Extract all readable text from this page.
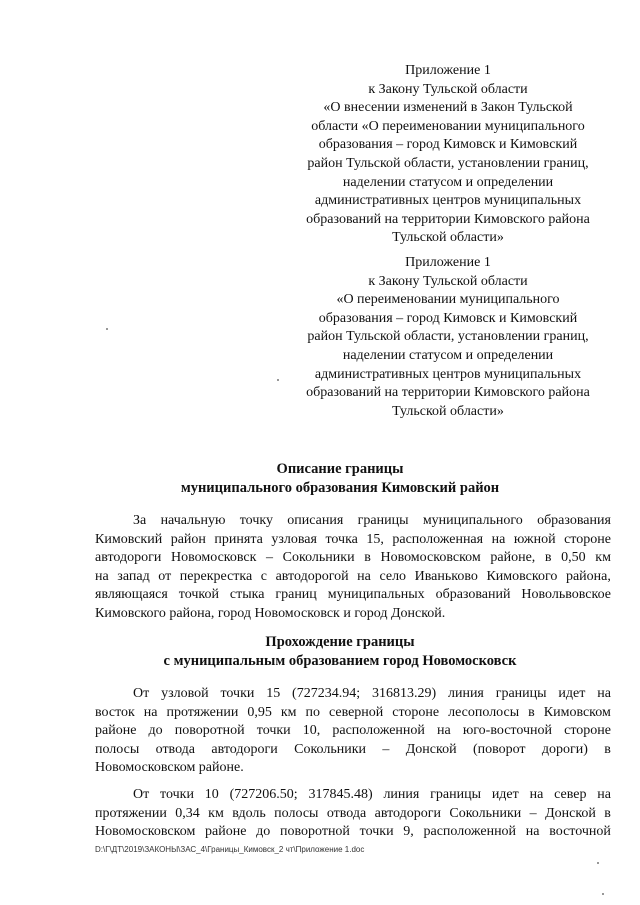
Приложение 1
к Закону Тульской области
«О внесении изменений в Закон Тульской
области «О переименовании муниципального
образования – город Кимовск и Кимовский
район Тульской области, установлении границ,
наделении статусом и определении
административных центров муниципальных
образований на территории Кимовского района
Тульской области»
Приложение 1
к Закону Тульской области
«О переименовании муниципального
образования – город Кимовск и Кимовский
район Тульской области, установлении границ,
наделении статусом и определении
административных центров муниципальных
образований на территории Кимовского района
Тульской области»
Описание границы
муниципального образования Кимовский район
За начальную точку описания границы муниципального образования
Кимовский район принята узловая точка 15, расположенная на южной стороне
автодороги Новомосковск – Сокольники в Новомосковском районе, в 0,50 км
на запад от перекрестка с автодорогой на село Иваньково Кимовского района,
являющаяся точкой стыка границ муниципальных образований Новольвовское
Кимовского района, город Новомосковск и город Донской.
Прохождение границы
с муниципальным образованием город Новомосковск
От узловой точки 15 (727234.94; 316813.29) линия границы идет на
восток на протяжении 0,95 км по северной стороне лесополосы в Кимовском
районе до поворотной точки 10, расположенной на юго-восточной стороне
полосы отвода автодороги Сокольники – Донской (поворот дороги) в
Новомосковском районе.
От точки 10 (727206.50; 317845.48) линия границы идет на север на
протяжении 0,34 км вдоль полосы отвода автодороги Сокольники – Донской в
Новомосковском районе до поворотной точки 9, расположенной на восточной
D:\Г\ДТ\2019\ЗАКОНЫ\ЗАС_4\Границы_Кимовск_2 чт\Приложение 1.doc
